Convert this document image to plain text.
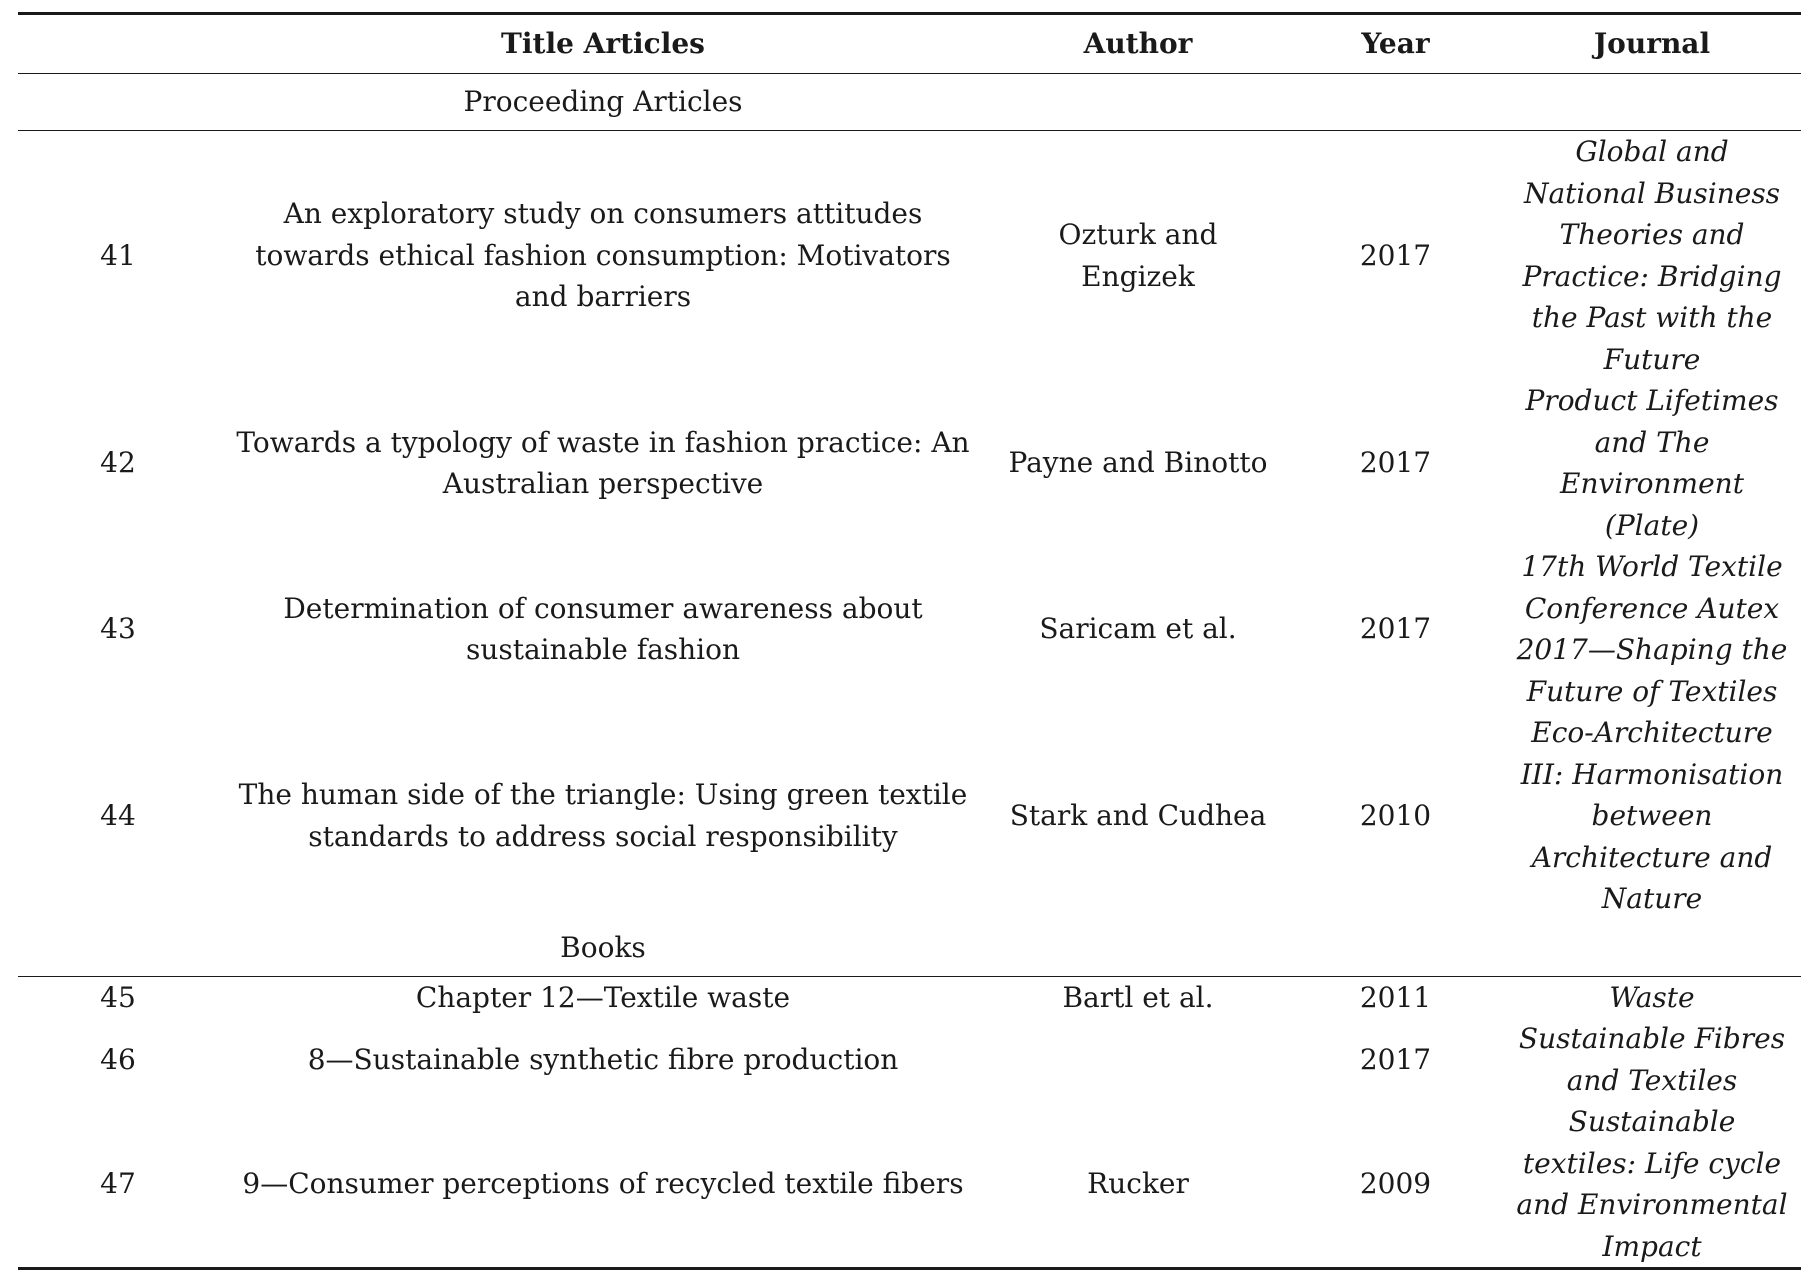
	Title Articles	Author	Year	Journal
	Proceeding Articles			
41	An exploratory study on consumers attitudes towards ethical fashion consumption: Motivators and barriers	Ozturk and Engizek	2017	Global and National Business Theories and Practice: Bridging the Past with the Future
42	Towards a typology of waste in fashion practice: An Australian perspective	Payne and Binotto	2017	Product Lifetimes and The Environment (Plate)
43	Determination of consumer awareness about sustainable fashion	Saricam et al.	2017	17th World Textile Conference Autex 2017—Shaping the Future of Textiles
44	The human side of the triangle: Using green textile standards to address social responsibility	Stark and Cudhea	2010	Eco-Architecture III: Harmonisation between Architecture and Nature
	Books			
45	Chapter 12—Textile waste	Bartl et al.	2011	Waste
46	8—Sustainable synthetic fibre production		2017	Sustainable Fibres and Textiles
47	9—Consumer perceptions of recycled textile fibers	Rucker	2009	Sustainable textiles: Life cycle and Environmental Impact
